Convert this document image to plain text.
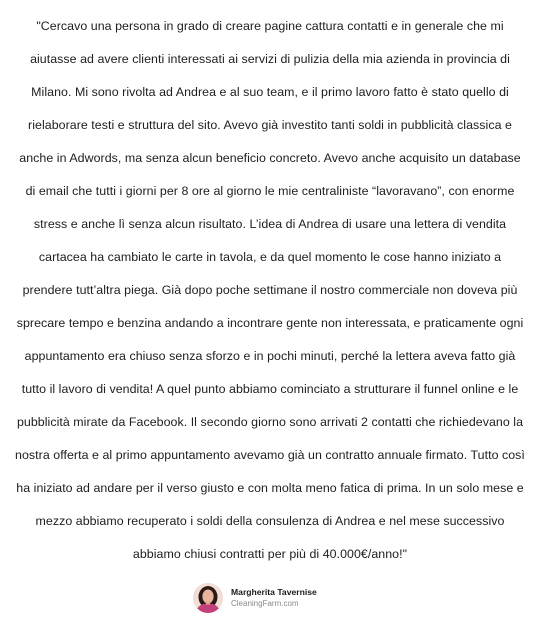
"Cercavo una persona in grado di creare pagine cattura contatti e in generale che mi
aiutasse ad avere clienti interessati ai servizi di pulizia della mia azienda in provincia di
Milano. Mi sono rivolta ad Andrea e al suo team, e il primo lavoro fatto è stato quello di
rielaborare testi e struttura del sito. Avevo già investito tanti soldi in pubblicità classica e
anche in Adwords, ma senza alcun beneficio concreto. Avevo anche acquisito un database
di email che tutti i giorni per 8 ore al giorno le mie centraliniste “lavoravano”, con enorme
stress e anche lì senza alcun risultato. L’idea di Andrea di usare una lettera di vendita
cartacea ha cambiato le carte in tavola, e da quel momento le cose hanno iniziato a
prendere tutt’altra piega. Già dopo poche settimane il nostro commerciale non doveva più
sprecare tempo e benzina andando a incontrare gente non interessata, e praticamente ogni
appuntamento era chiuso senza sforzo e in pochi minuti, perché la lettera aveva fatto già
tutto il lavoro di vendita! A quel punto abbiamo cominciato a strutturare il funnel online e le
pubblicità mirate da Facebook. Il secondo giorno sono arrivati 2 contatti che richiedevano la
nostra offerta e al primo appuntamento avevamo già un contratto annuale firmato. Tutto così
ha iniziato ad andare per il verso giusto e con molta meno fatica di prima. In un solo mese e
mezzo abbiamo recuperato i soldi della consulenza di Andrea e nel mese successivo
abbiamo chiusi contratti per più di 40.000€/anno!"

Margherita Tavernise
CleaningFarm.com
